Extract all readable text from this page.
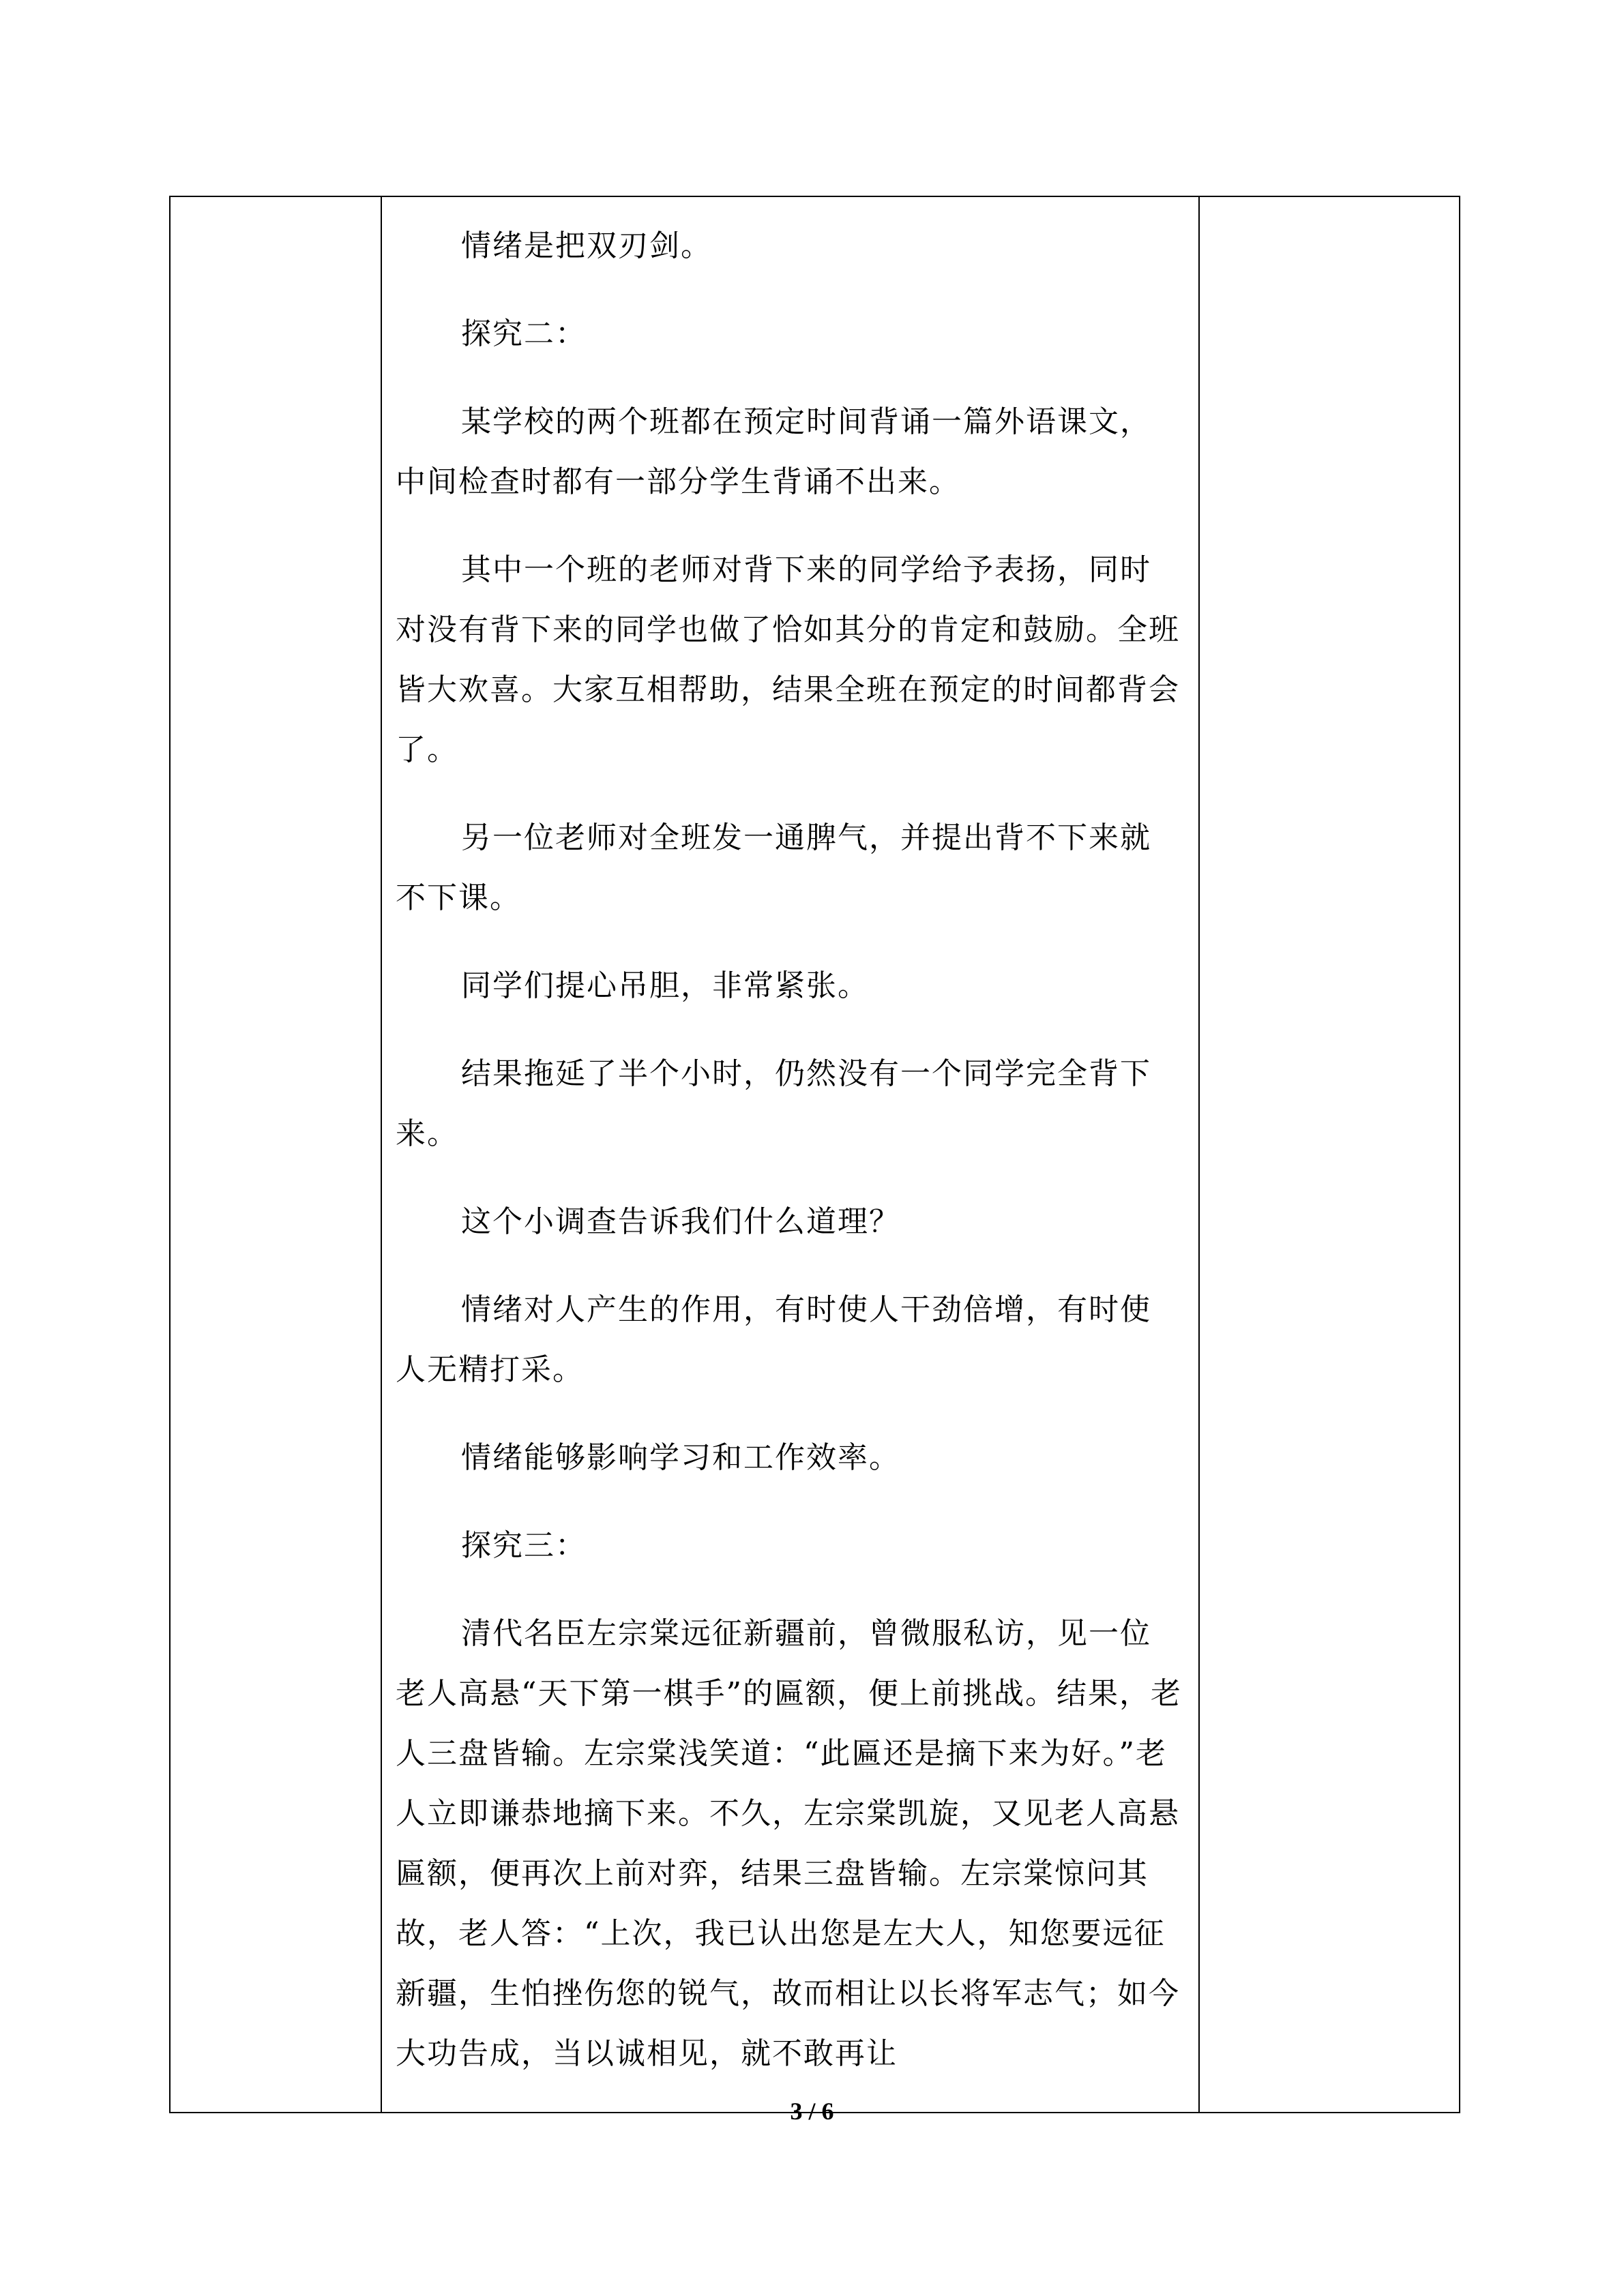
情绪是把双刃剑。

探究二：

某学校的两个班都在预定时间背诵一篇外语课文，中间检查时都有一部分学生背诵不出来。

其中一个班的老师对背下来的同学给予表扬，同时对没有背下来的同学也做了恰如其分的肯定和鼓励。全班皆大欢喜。大家互相帮助，结果全班在预定的时间都背会了。

另一位老师对全班发一通脾气，并提出背不下来就不下课。

同学们提心吊胆，非常紧张。

结果拖延了半个小时，仍然没有一个同学完全背下来。

这个小调查告诉我们什么道理？

情绪对人产生的作用，有时使人干劲倍增，有时使人无精打采。

情绪能够影响学习和工作效率。

探究三：

清代名臣左宗棠远征新疆前，曾微服私访，见一位老人高悬“天下第一棋手”的匾额，便上前挑战。结果，老人三盘皆输。左宗棠浅笑道：“此匾还是摘下来为好。”老人立即谦恭地摘下来。不久，左宗棠凯旋，又见老人高悬匾额，便再次上前对弈，结果三盘皆输。左宗棠惊问其故，老人答：“上次，我已认出您是左大人，知您要远征新疆，生怕挫伤您的锐气，故而相让以长将军志气；如今大功告成，当以诚相见，就不敢再让

3 / 6
